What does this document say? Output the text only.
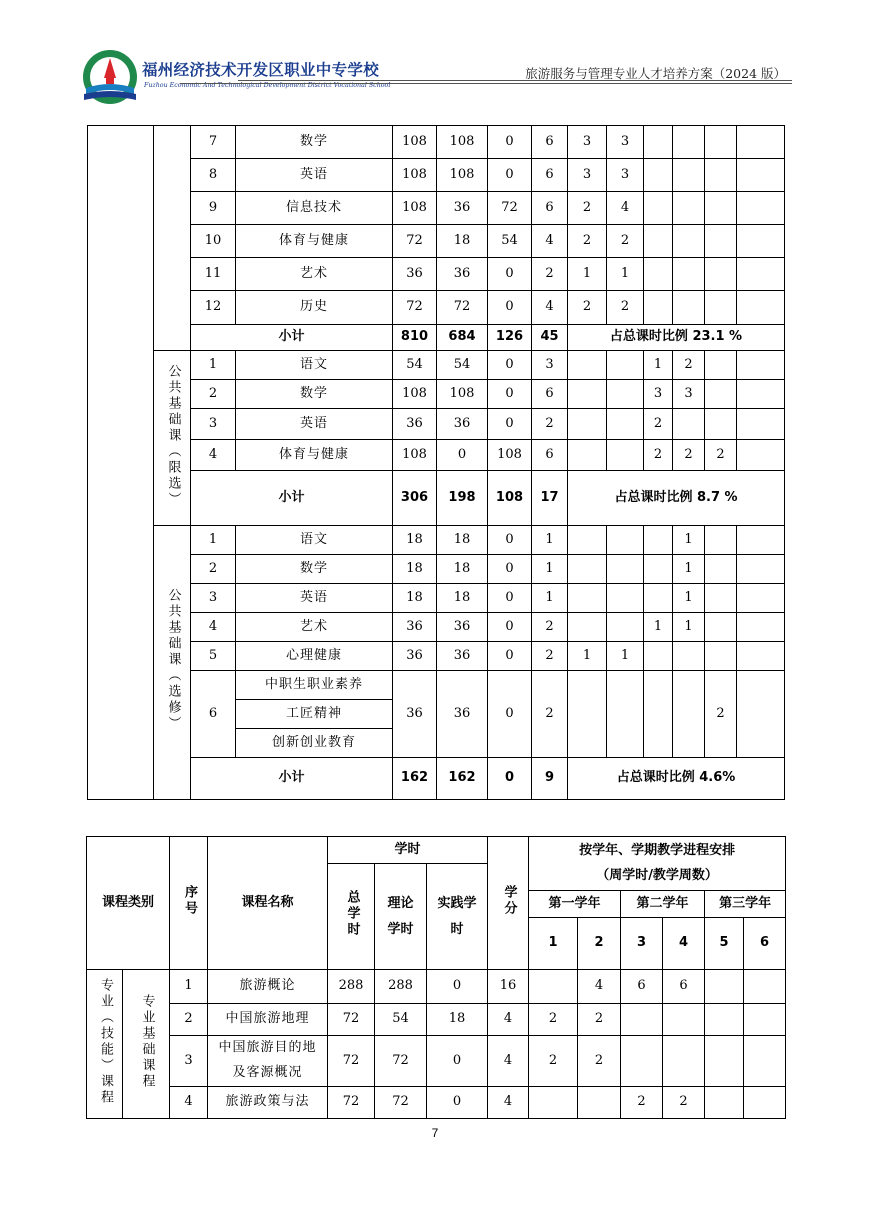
福州经济技术开发区职业中专学校
Fuzhou Economic And Technological Development District Vocational School
旅游服务与管理专业人才培养方案（2024 版）
		7	数学	108	108	0	6	3	3				
		8	英语	108	108	0	6	3	3				
		9	信息技术	108	36	72	6	2	4				
		10	体育与健康	72	18	54	4	2	2				
		11	艺术	36	36	0	2	1	1				
		12	历史	72	72	0	4	2	2				
		小计		810	684	126	45	占总课时比例 23.1 %					
	公共基础课（限选）	1	语文	54	54	0	3			1	2		
		2	数学	108	108	0	6			3	3		
		3	英语	36	36	0	2			2			
		4	体育与健康	108	0	108	6			2	2	2	
		小计		306	198	108	17	占总课时比例 8.7 %					
	公共基础课（选修）	1	语文	18	18	0	1				1		
		2	数学	18	18	0	1				1		
		3	英语	18	18	0	1				1		
		4	艺术	36	36	0	2			1	1		
		5	心理健康	36	36	0	2	1	1				
		6	中职生职业素养	36	36	0	2					2	
			工匠精神										
			创新创业教育										
		小计		162	162	0	9	占总课时比例 4.6%					
课程类别		序号	课程名称	学时			学分	按学年、学期教学进程安排
（周学时/教学周数）					

				总学时	理论学时	实践学时							
								第一学年		第二学年		第三学年	
								1	2	3	4	5	6
专业（技能）课程	专业基础课程	1	旅游概论	288	288	0	16		4	6	6		
		2	中国旅游地理	72	54	18	4	2	2				
		3	中国旅游目的地及客源概况	72	72	0	4	2	2				
		4	旅游政策与法	72	72	0	4			2	2		
7
